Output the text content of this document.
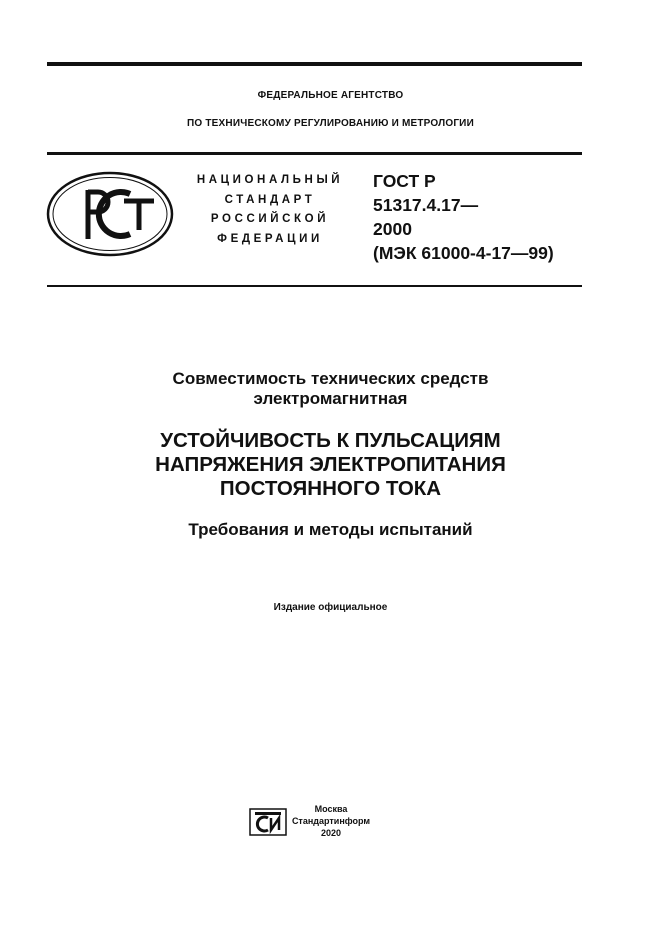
ФЕДЕРАЛЬНОЕ АГЕНТСТВО
ПО ТЕХНИЧЕСКОМУ РЕГУЛИРОВАНИЮ И МЕТРОЛОГИИ
НАЦИОНАЛЬНЫЙ
СТАНДАРТ
РОССИЙСКОЙ
ФЕДЕРАЦИИ
ГОСТ Р
51317.4.17—
2000
(МЭК 61000-4-17—99)
Совместимость технических средств
электромагнитная
УСТОЙЧИВОСТЬ К ПУЛЬСАЦИЯМ
НАПРЯЖЕНИЯ ЭЛЕКТРОПИТАНИЯ
ПОСТОЯННОГО ТОКА
Требования и методы испытаний
Издание официальное
Москва
Стандартинформ
2020
